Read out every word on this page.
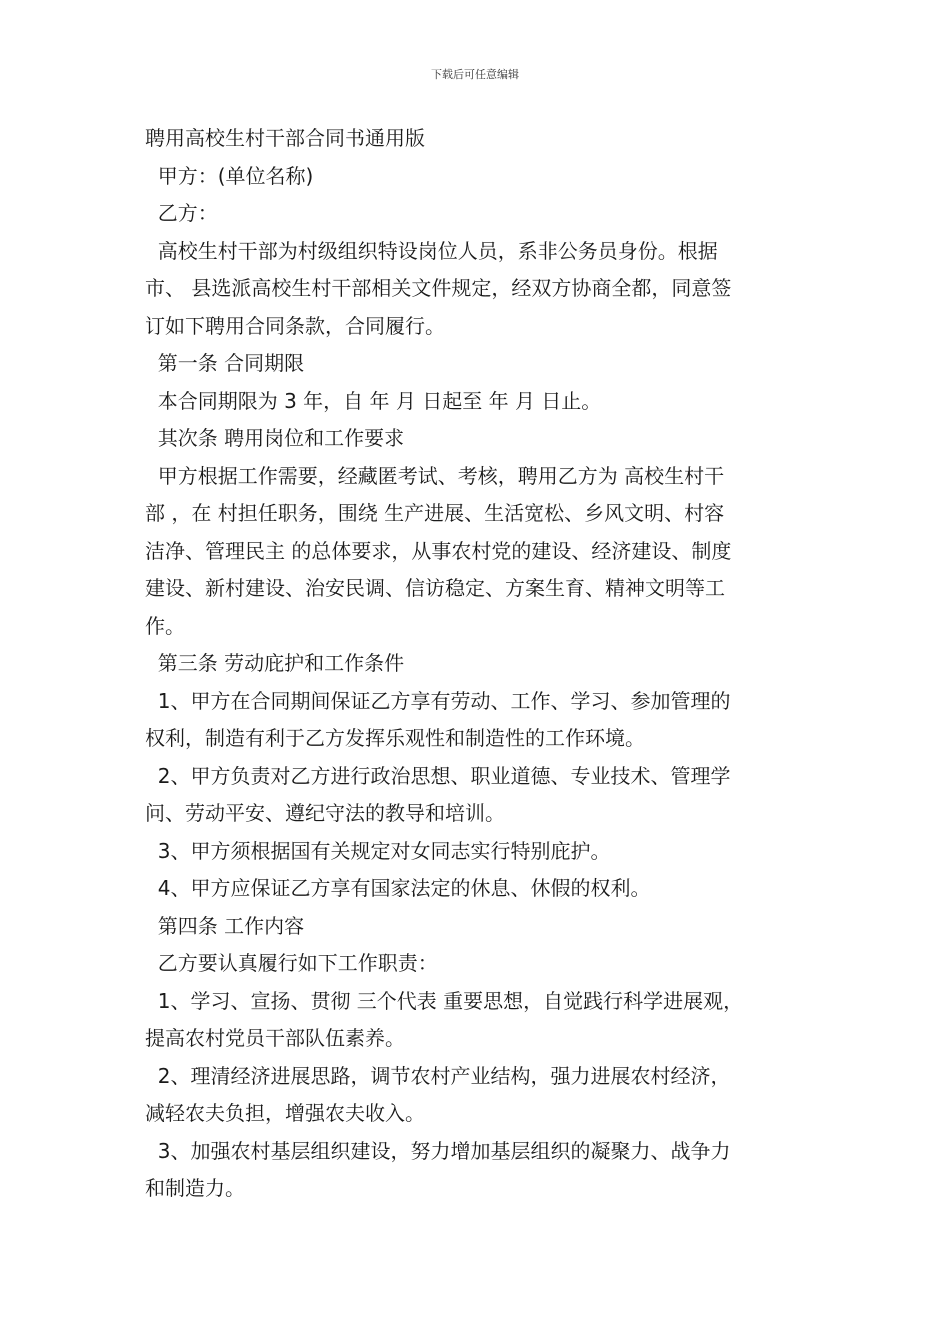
下载后可任意编辑
聘用高校生村干部合同书通用版
甲方：(单位名称)
乙方：
高校生村干部为村级组织特设岗位人员，系非公务员身份。根据
市、 县选派高校生村干部相关文件规定，经双方协商全都，同意签
订如下聘用合同条款，合同履行。
第一条 合同期限
本合同期限为 3 年，自 年 月 日起至 年 月 日止。
其次条 聘用岗位和工作要求
甲方根据工作需要，经藏匿考试、考核，聘用乙方为 高校生村干
部 ，在 村担任职务，围绕 生产进展、生活宽松、乡风文明、村容
洁净、管理民主 的总体要求，从事农村党的建设、经济建设、制度
建设、新村建设、治安民调、信访稳定、方案生育、精神文明等工
作。
第三条 劳动庇护和工作条件
1、甲方在合同期间保证乙方享有劳动、工作、学习、参加管理的
权利，制造有利于乙方发挥乐观性和制造性的工作环境。
2、甲方负责对乙方进行政治思想、职业道德、专业技术、管理学
问、劳动平安、遵纪守法的教导和培训。
3、甲方须根据国有关规定对女同志实行特别庇护。
4、甲方应保证乙方享有国家法定的休息、休假的权利。
第四条 工作内容
乙方要认真履行如下工作职责：
1、学习、宣扬、贯彻 三个代表 重要思想，自觉践行科学进展观，
提高农村党员干部队伍素养。
2、理清经济进展思路，调节农村产业结构，强力进展农村经济，
减轻农夫负担，增强农夫收入。
3、加强农村基层组织建设，努力增加基层组织的凝聚力、战争力
和制造力。
